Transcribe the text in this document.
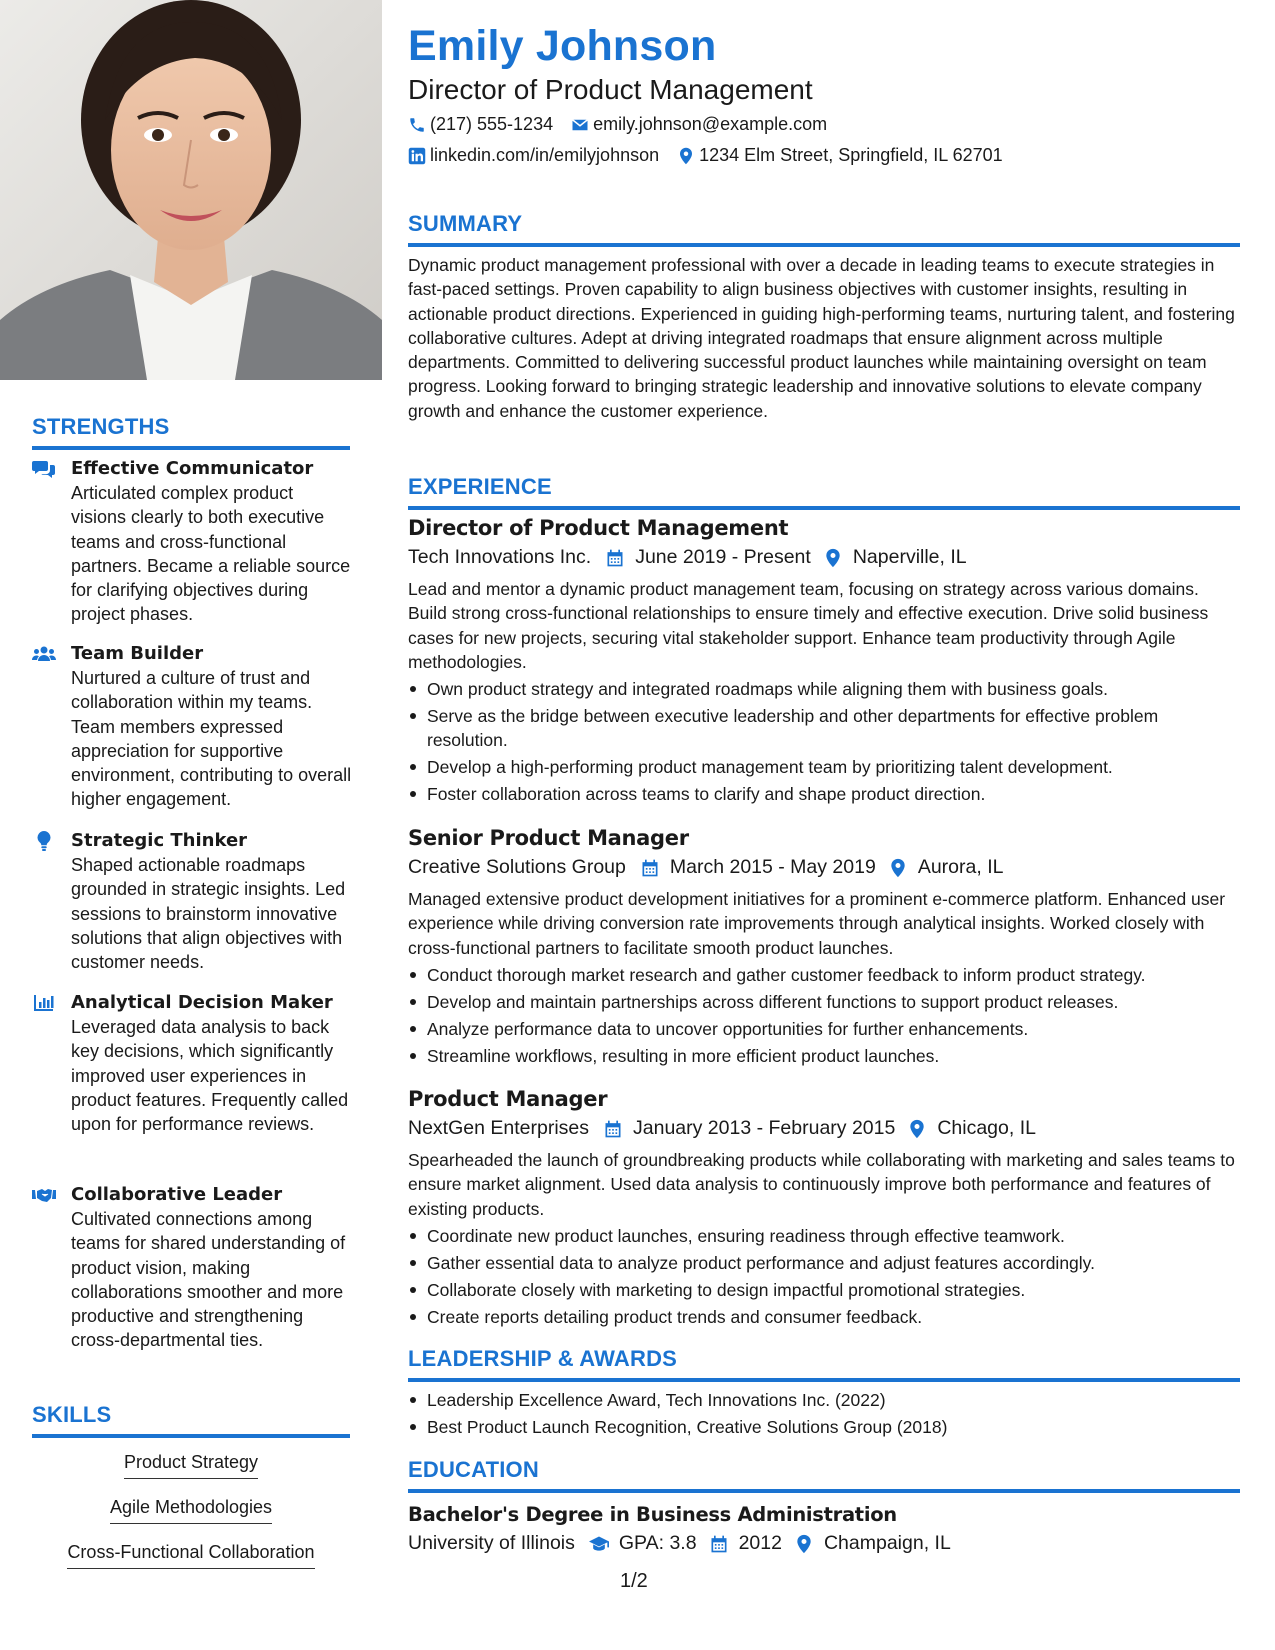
STRENGTHS
Effective Communicator
Articulated complex product visions clearly to both executive teams and cross-functional partners. Became a reliable source for clarifying objectives during project phases.
Team Builder
Nurtured a culture of trust and collaboration within my teams. Team members expressed appreciation for supportive environment, contributing to overall higher engagement.
Strategic Thinker
Shaped actionable roadmaps grounded in strategic insights. Led sessions to brainstorm innovative solutions that align objectives with customer needs.
Analytical Decision Maker
Leveraged data analysis to back key decisions, which significantly improved user experiences in product features. Frequently called upon for performance reviews.
Collaborative Leader
Cultivated connections among teams for shared understanding of product vision, making collaborations smoother and more productive and strengthening cross-departmental ties.
SKILLS
Product Strategy
Agile Methodologies
Cross-Functional Collaboration
Emily Johnson
Director of Product Management
(217) 555-1234 emily.johnson@example.com
linkedin.com/in/emilyjohnson 1234 Elm Street, Springfield, IL 62701
SUMMARY
Dynamic product management professional with over a decade in leading teams to execute strategies in fast-paced settings. Proven capability to align business objectives with customer insights, resulting in actionable product directions. Experienced in guiding high-performing teams, nurturing talent, and fostering collaborative cultures. Adept at driving integrated roadmaps that ensure alignment across multiple departments. Committed to delivering successful product launches while maintaining oversight on team progress. Looking forward to bringing strategic leadership and innovative solutions to elevate company growth and enhance the customer experience.
EXPERIENCE
Director of Product Management
Tech Innovations Inc. June 2019 - Present Naperville, IL
Lead and mentor a dynamic product management team, focusing on strategy across various domains. Build strong cross-functional relationships to ensure timely and effective execution. Drive solid business cases for new projects, securing vital stakeholder support. Enhance team productivity through Agile methodologies.
Own product strategy and integrated roadmaps while aligning them with business goals.
Serve as the bridge between executive leadership and other departments for effective problem resolution.
Develop a high-performing product management team by prioritizing talent development.
Foster collaboration across teams to clarify and shape product direction.
Senior Product Manager
Creative Solutions Group March 2015 - May 2019 Aurora, IL
Managed extensive product development initiatives for a prominent e-commerce platform. Enhanced user experience while driving conversion rate improvements through analytical insights. Worked closely with cross-functional partners to facilitate smooth product launches.
Conduct thorough market research and gather customer feedback to inform product strategy.
Develop and maintain partnerships across different functions to support product releases.
Analyze performance data to uncover opportunities for further enhancements.
Streamline workflows, resulting in more efficient product launches.
Product Manager
NextGen Enterprises January 2013 - February 2015 Chicago, IL
Spearheaded the launch of groundbreaking products while collaborating with marketing and sales teams to ensure market alignment. Used data analysis to continuously improve both performance and features of existing products.
Coordinate new product launches, ensuring readiness through effective teamwork.
Gather essential data to analyze product performance and adjust features accordingly.
Collaborate closely with marketing to design impactful promotional strategies.
Create reports detailing product trends and consumer feedback.
LEADERSHIP & AWARDS
Leadership Excellence Award, Tech Innovations Inc. (2022)
Best Product Launch Recognition, Creative Solutions Group (2018)
EDUCATION
Bachelor's Degree in Business Administration
University of Illinois GPA: 3.8 2012 Champaign, IL
1/2
